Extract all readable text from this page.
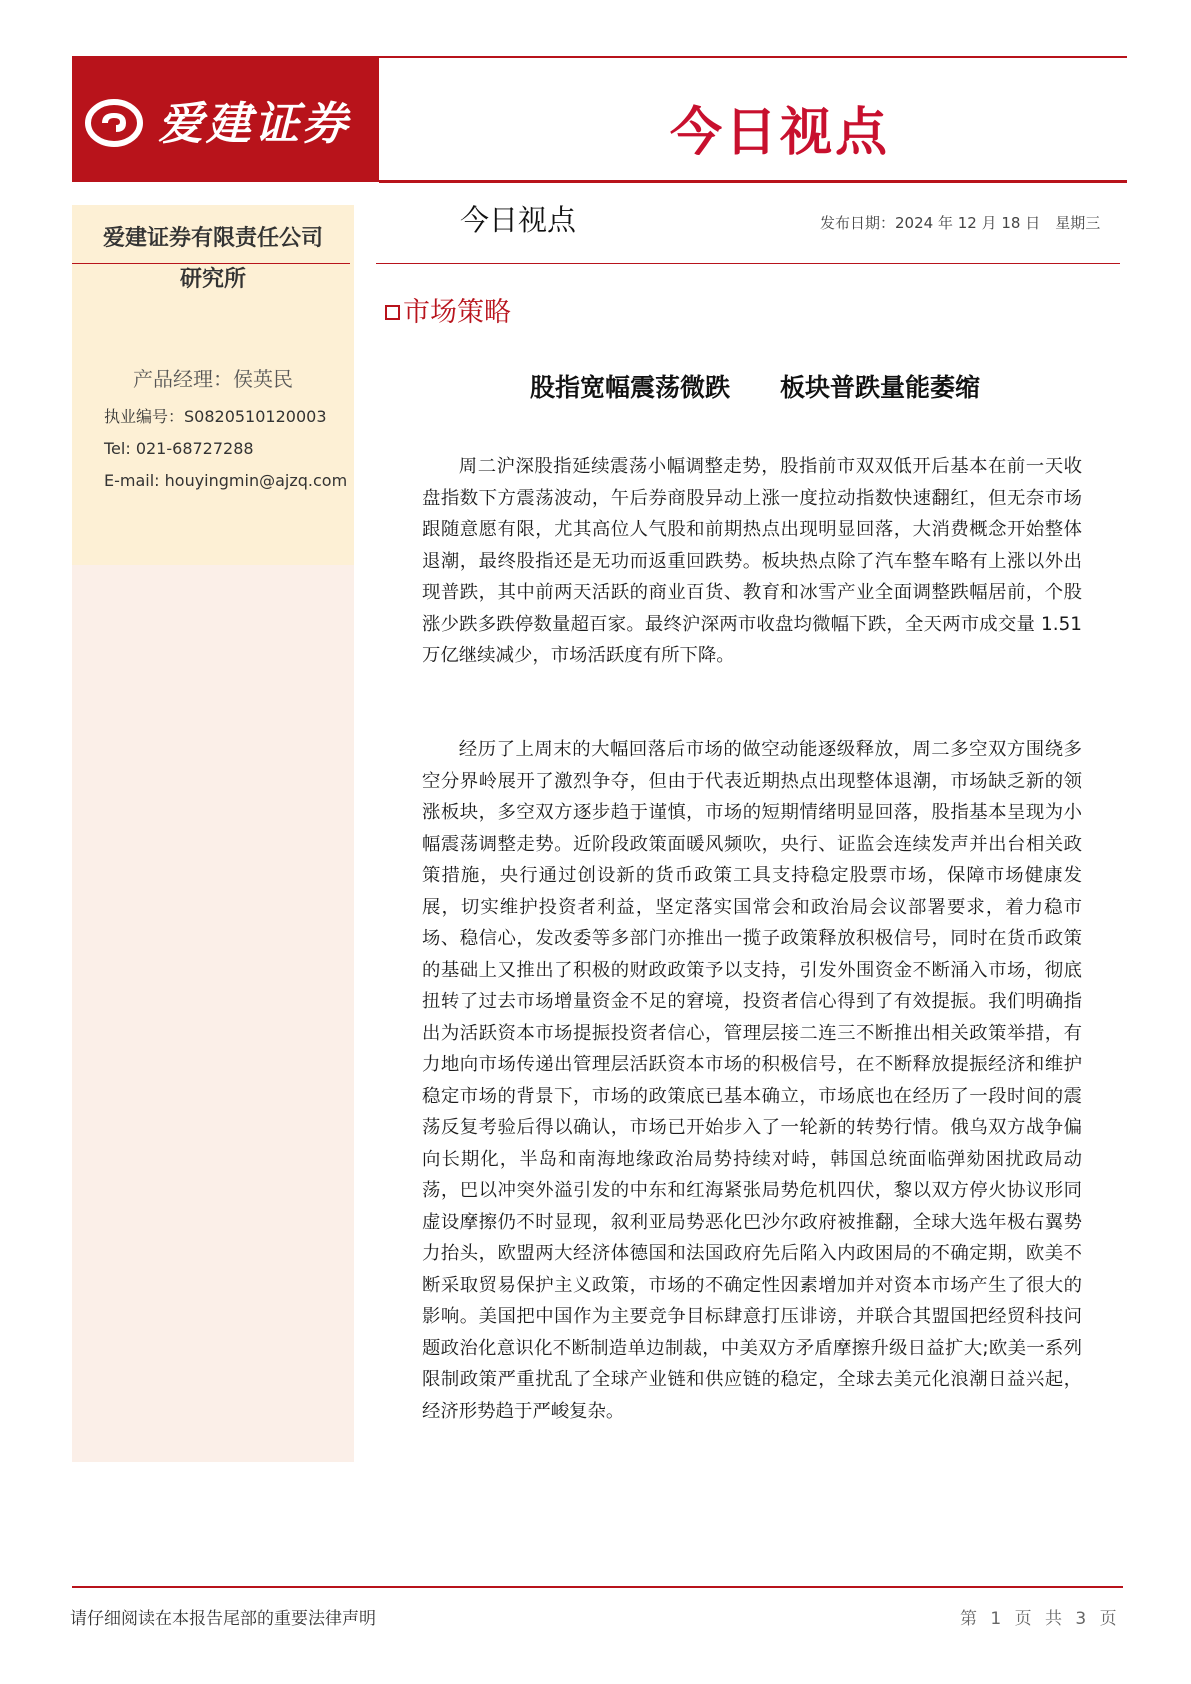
爱建证券	今日视点
爱建证券有限责任公司
研究所
产品经理：侯英民
执业编号：S0820510120003
Tel: 021-68727288
E-mail: houyingmin@ajzq.com
今日视点	发布日期：2024 年 12 月 18 日　星期三
市场策略
股指宽幅震荡微跌　　板块普跌量能萎缩

周二沪深股指延续震荡小幅调整走势，股指前市双双低开后基本在前一天收盘指数下方震荡波动，午后券商股异动上涨一度拉动指数快速翻红，但无奈市场跟随意愿有限，尤其高位人气股和前期热点出现明显回落，大消费概念开始整体退潮，最终股指还是无功而返重回跌势。板块热点除了汽车整车略有上涨以外出现普跌，其中前两天活跃的商业百货、教育和冰雪产业全面调整跌幅居前，个股涨少跌多跌停数量超百家。最终沪深两市收盘均微幅下跌，全天两市成交量 1.51 万亿继续减少，市场活跃度有所下降。

经历了上周末的大幅回落后市场的做空动能逐级释放，周二多空双方围绕多空分界岭展开了激烈争夺，但由于代表近期热点出现整体退潮，市场缺乏新的领涨板块，多空双方逐步趋于谨慎，市场的短期情绪明显回落，股指基本呈现为小幅震荡调整走势。近阶段政策面暖风频吹，央行、证监会连续发声并出台相关政策措施，央行通过创设新的货币政策工具支持稳定股票市场，保障市场健康发展，切实维护投资者利益，坚定落实国常会和政治局会议部署要求，着力稳市场、稳信心，发改委等多部门亦推出一揽子政策释放积极信号，同时在货币政策的基础上又推出了积极的财政政策予以支持，引发外围资金不断涌入市场，彻底扭转了过去市场增量资金不足的窘境，投资者信心得到了有效提振。我们明确指出为活跃资本市场提振投资者信心，管理层接二连三不断推出相关政策举措，有力地向市场传递出管理层活跃资本市场的积极信号，在不断释放提振经济和维护稳定市场的背景下，市场的政策底已基本确立，市场底也在经历了一段时间的震荡反复考验后得以确认，市场已开始步入了一轮新的转势行情。俄乌双方战争偏向长期化，半岛和南海地缘政治局势持续对峙，韩国总统面临弹劾困扰政局动荡，巴以冲突外溢引发的中东和红海紧张局势危机四伏，黎以双方停火协议形同虚设摩擦仍不时显现，叙利亚局势恶化巴沙尔政府被推翻，全球大选年极右翼势力抬头，欧盟两大经济体德国和法国政府先后陷入内政困局的不确定期，欧美不断采取贸易保护主义政策，市场的不确定性因素增加并对资本市场产生了很大的影响。美国把中国作为主要竞争目标肆意打压诽谤，并联合其盟国把经贸科技问题政治化意识化不断制造单边制裁，中美双方矛盾摩擦升级日益扩大;欧美一系列限制政策严重扰乱了全球产业链和供应链的稳定，全球去美元化浪潮日益兴起，经济形势趋于严峻复杂。

请仔细阅读在本报告尾部的重要法律声明	第 1 页 共 3 页
